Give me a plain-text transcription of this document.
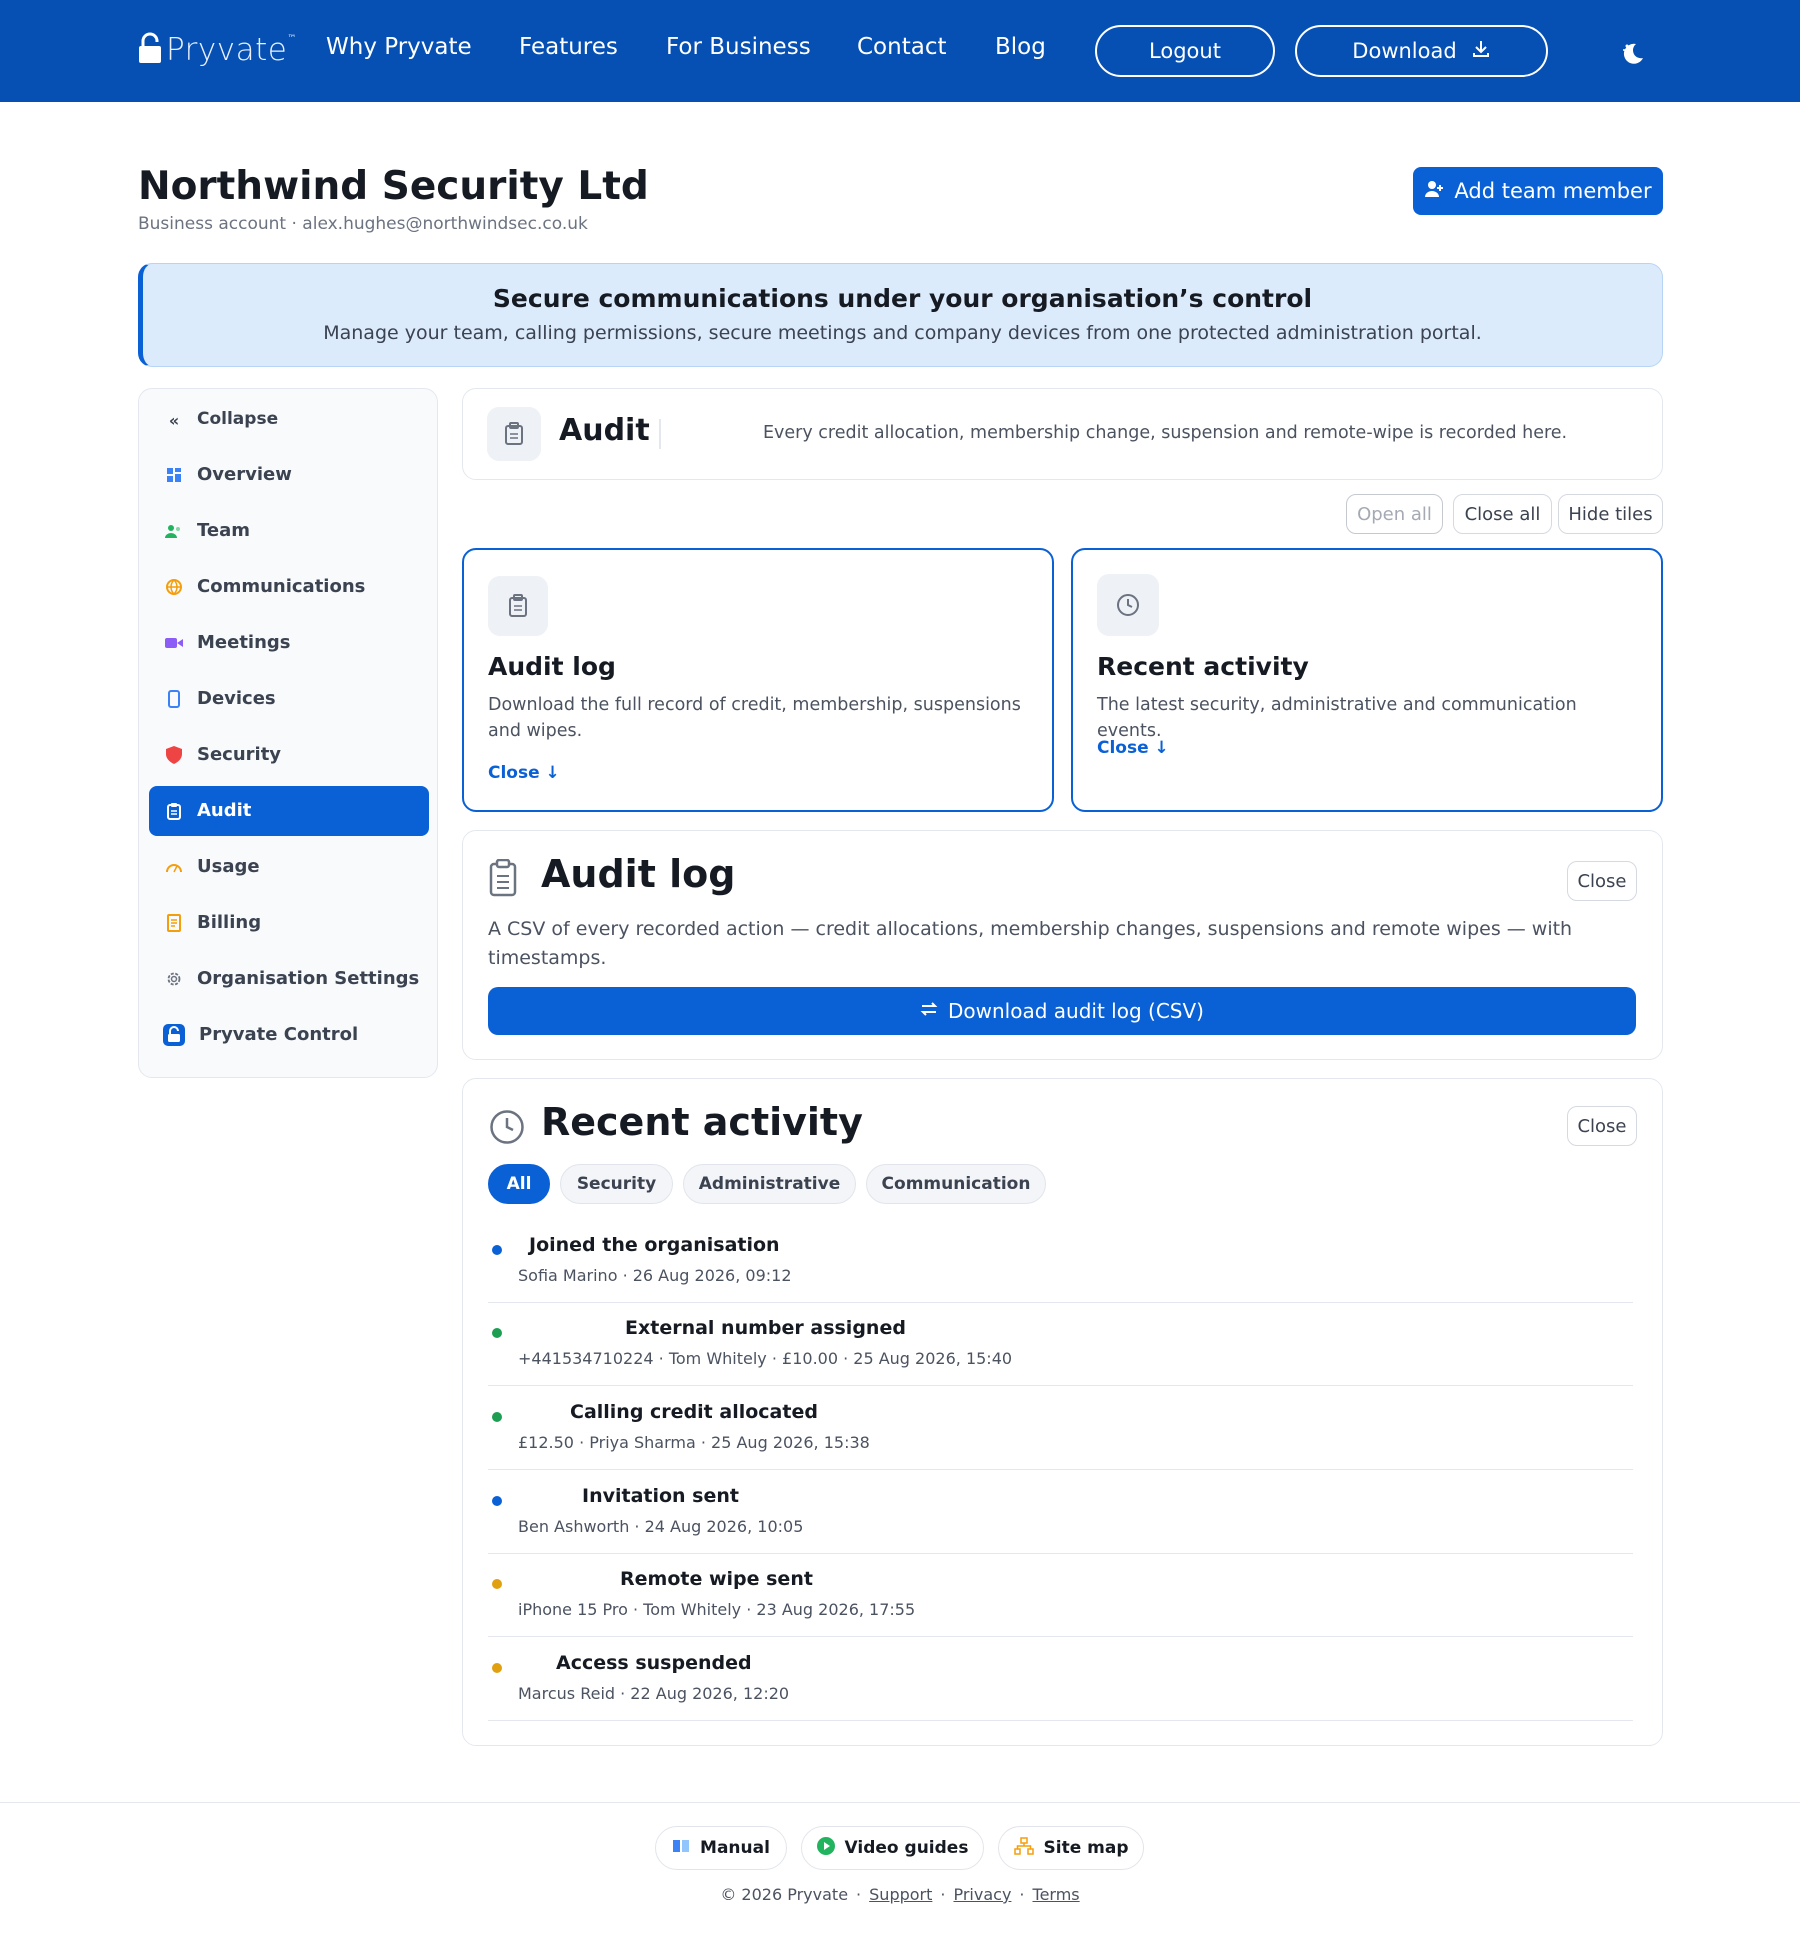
Pryvate ™ Why Pryvate Features For Business Contact Blog	Logout	Download
Northwind Security Ltd
Business account · alex.hughes@northwindsec.co.uk
Add team member
Secure communications under your organisation’s control
Manage your team, calling permissions, secure meetings and company devices from one protected administration portal.
« Collapse
Overview
Team
Communications
Meetings
Devices
Security
Audit
Usage
Billing
Organisation Settings
Pryvate Control
Audit	Every credit allocation, membership change, suspension and remote-wipe is recorded here.
Open all	Close all	Hide tiles
Audit log
Download the full record of credit, membership, suspensions and wipes.
Close ↓
Recent activity
The latest security, administrative and communication events.
Close ↓
Close
Audit log
A CSV of every recorded action — credit allocations, membership changes, suspensions and remote wipes — with timestamps.
Download audit log (CSV)
Close
Recent activity
All	Security	Administrative	Communication
Joined the organisation
Sofia Marino · 26 Aug 2026, 09:12
External number assigned
+441534710224 · Tom Whitely · £10.00 · 25 Aug 2026, 15:40
Calling credit allocated
£12.50 · Priya Sharma · 25 Aug 2026, 15:38
Invitation sent
Ben Ashworth · 24 Aug 2026, 10:05
Remote wipe sent
iPhone 15 Pro · Tom Whitely · 23 Aug 2026, 17:55
Access suspended
Marcus Reid · 22 Aug 2026, 12:20
Manual	Video guides	Site map
© 2026 Pryvate · Support · Privacy · Terms
